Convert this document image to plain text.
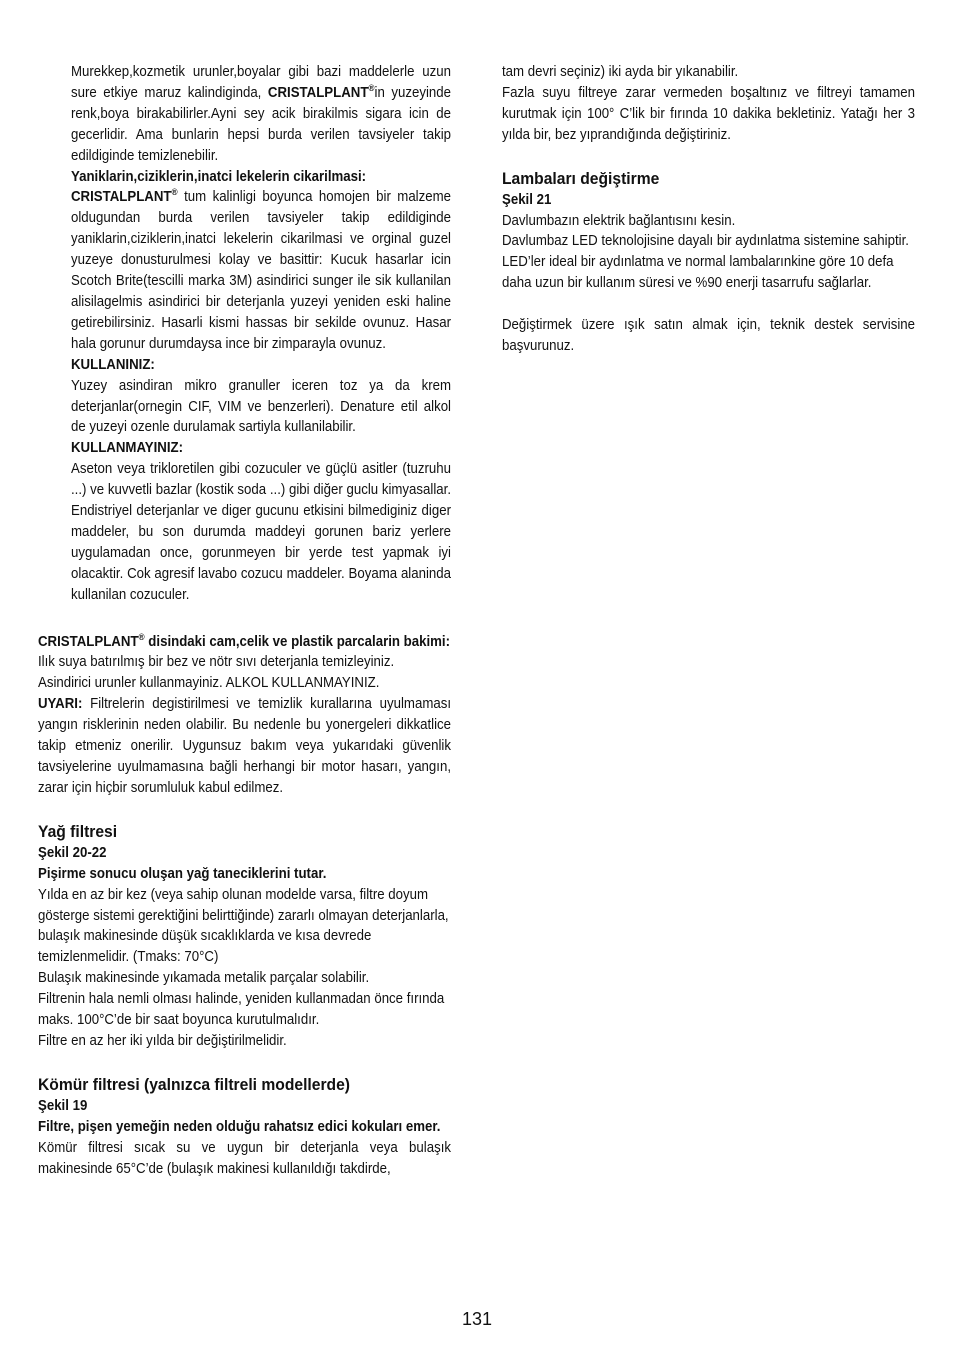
Murekkep,kozmetik urunler,boyalar gibi bazi maddelerle uzun sure etkiye maruz kalindiginda, CRISTALPLANT®in yuzeyinde renk,boya birakabilirler.Ayni sey acik birakilmis sigara icin de gecerlidir. Ama bunlarin hepsi burda verilen tavsiyeler takip edildiginde temizlenebilir.

Yaniklarin,ciziklerin,inatci lekelerin cikarilmasi:

CRISTALPLANT® tum kalinligi boyunca homojen bir malzeme oldugundan burda verilen tavsiyeler takip edildiginde yaniklarin,ciziklerin,inatci lekelerin cikarilmasi ve orginal guzel yuzeye donusturulmesi kolay ve basittir: Kucuk hasarlar icin Scotch Brite(tescilli marka 3M) asindirici sunger ile sik kullanilan alisilagelmis asindirici bir deterjanla yuzeyi yeniden eski haline getirebilirsiniz. Hasarli kismi hassas bir sekilde ovunuz. Hasar hala gorunur durumdaysa ince bir zimparayla ovunuz.

KULLANINIZ:

Yuzey asindiran mikro granuller iceren toz ya da krem deterjanlar(ornegin CIF, VIM ve benzerleri). Denature etil alkol de yuzeyi ozenle durulamak sartiyla kullanilabilir.

KULLANMAYINIZ:

Aseton veya trikloretilen gibi cozuculer ve güçlü asitler (tuzruhu ...) ve kuvvetli bazlar (kostik soda ...) gibi diğer guclu kimyasallar. Endistriyel deterjanlar ve diger gucunu etkisini bilmediginiz diger maddeler, bu son durumda maddeyi gorunen bariz yerlere uygulamadan once, gorunmeyen bir yerde test yapmak iyi olacaktir. Cok agresif lavabo cozucu maddeler. Boyama alaninda kullanilan cozuculer.

CRISTALPLANT® disindaki cam,celik ve plastik parcalarin bakimi:

Ilık suya batırılmış bir bez ve nötr sıvı deterjanla temizleyiniz.

Asindirici urunler kullanmayiniz. ALKOL KULLANMAYINIZ.

UYARI: Filtrelerin degistirilmesi ve temizlik kurallarına uyulmaması yangın risklerinin neden olabilir. Bu nedenle bu yonergeleri dikkatlice takip etmeniz onerilir. Uygunsuz bakım veya yukarıdaki güvenlik tavsiyelerine uyulmamasına bağli herhangi bir motor hasarı, yangın, zarar için hiçbir sorumluluk kabul edilmez.

Yağ filtresi

Şekil 20-22

Pişirme sonucu oluşan yağ taneciklerini tutar.

Yılda en az bir kez (veya sahip olunan modelde varsa, filtre doyum gösterge sistemi gerektiğini belirttiğinde) zararlı olmayan deterjanlarla, bulaşık makinesinde düşük sıcaklıklarda ve kısa devrede temizlenmelidir. (Tmaks: 70°C)

Bulaşık makinesinde yıkamada metalik parçalar solabilir.

Filtrenin hala nemli olması halinde, yeniden kullanmadan önce fırında maks. 100°C’de bir saat boyunca kurutulmalıdır.

Filtre en az her iki yılda bir değiştirilmelidir.

Kömür filtresi (yalnızca filtreli modellerde)

Şekil 19

Filtre, pişen yemeğin neden olduğu rahatsız edici kokuları emer.

Kömür filtresi sıcak su ve uygun bir deterjanla veya bulaşık makinesinde 65°C’de (bulaşık makinesi kullanıldığı takdirde,

tam devri seçiniz) iki ayda bir yıkanabilir.

Fazla suyu filtreye zarar vermeden boşaltınız ve filtreyi tamamen kurutmak için 100° C’lik bir fırında 10 dakika bekletiniz. Yatağı her 3 yılda bir, bez yıprandığında değiştiriniz.

Lambaları değiştirme

Şekil 21

Davlumbazın elektrik bağlantısını kesin.

Davlumbaz LED teknolojisine dayalı bir aydınlatma sistemine sahiptir.

LED’ler ideal bir aydınlatma ve normal lambalarınkine göre 10 defa daha uzun bir kullanım süresi ve %90 enerji tasarrufu sağlarlar.

Değiştirmek üzere ışık satın almak için, teknik destek servisine başvurunuz.

131
